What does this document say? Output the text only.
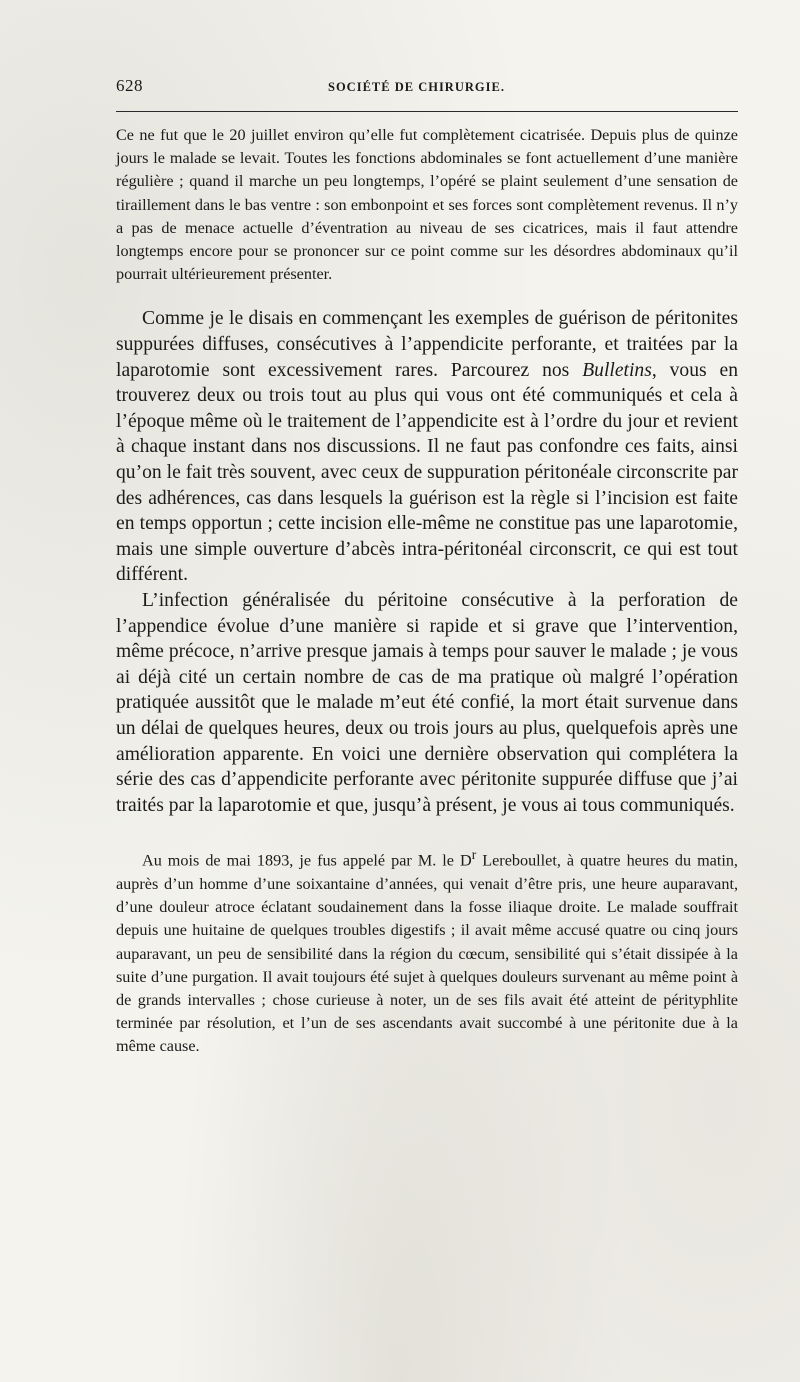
628	SOCIÉTÉ DE CHIRURGIE.

Ce ne fut que le 20 juillet environ qu’elle fut complètement cicatrisée. Depuis plus de quinze jours le malade se levait. Toutes les fonctions abdominales se font actuellement d’une manière régulière ; quand il marche un peu longtemps, l’opéré se plaint seulement d’une sensation de tiraillement dans le bas ventre : son embonpoint et ses forces sont complètement revenus. Il n’y a pas de menace actuelle d’éventration au niveau de ses cicatrices, mais il faut attendre longtemps encore pour se prononcer sur ce point comme sur les désordres abdominaux qu’il pourrait ultérieurement présenter.

Comme je le disais en commençant les exemples de guérison de péritonites suppurées diffuses, consécutives à l’appendicite perforante, et traitées par la laparotomie sont excessivement rares. Parcourez nos Bulletins, vous en trouverez deux ou trois tout au plus qui vous ont été communiqués et cela à l’époque même où le traitement de l’appendicite est à l’ordre du jour et revient à chaque instant dans nos discussions. Il ne faut pas confondre ces faits, ainsi qu’on le fait très souvent, avec ceux de suppuration péritonéale circonscrite par des adhérences, cas dans lesquels la guérison est la règle si l’incision est faite en temps opportun ; cette incision elle-même ne constitue pas une laparotomie, mais une simple ouverture d’abcès intra-péritonéal circonscrit, ce qui est tout différent.

L’infection généralisée du péritoine consécutive à la perforation de l’appendice évolue d’une manière si rapide et si grave que l’intervention, même précoce, n’arrive presque jamais à temps pour sauver le malade ; je vous ai déjà cité un certain nombre de cas de ma pratique où malgré l’opération pratiquée aussitôt que le malade m’eut été confié, la mort était survenue dans un délai de quelques heures, deux ou trois jours au plus, quelquefois après une amélioration apparente. En voici une dernière observation qui complétera la série des cas d’appendicite perforante avec péritonite suppurée diffuse que j’ai traités par la laparotomie et que, jusqu’à présent, je vous ai tous communiqués.

Au mois de mai 1893, je fus appelé par M. le $D^r$ Lereboullet, à quatre heures du matin, auprès d’un homme d’une soixantaine d’années, qui venait d’être pris, une heure auparavant, d’une douleur atroce éclatant soudainement dans la fosse iliaque droite. Le malade souffrait depuis une huitaine de quelques troubles digestifs ; il avait même accusé quatre ou cinq jours auparavant, un peu de sensibilité dans la région du cœcum, sensibilité qui s’était dissipée à la suite d’une purgation. Il avait toujours été sujet à quelques douleurs survenant au même point à de grands intervalles ; chose curieuse à noter, un de ses fils avait été atteint de pérityphlite terminée par résolution, et l’un de ses ascendants avait succombé à une péritonite due à la même cause.
